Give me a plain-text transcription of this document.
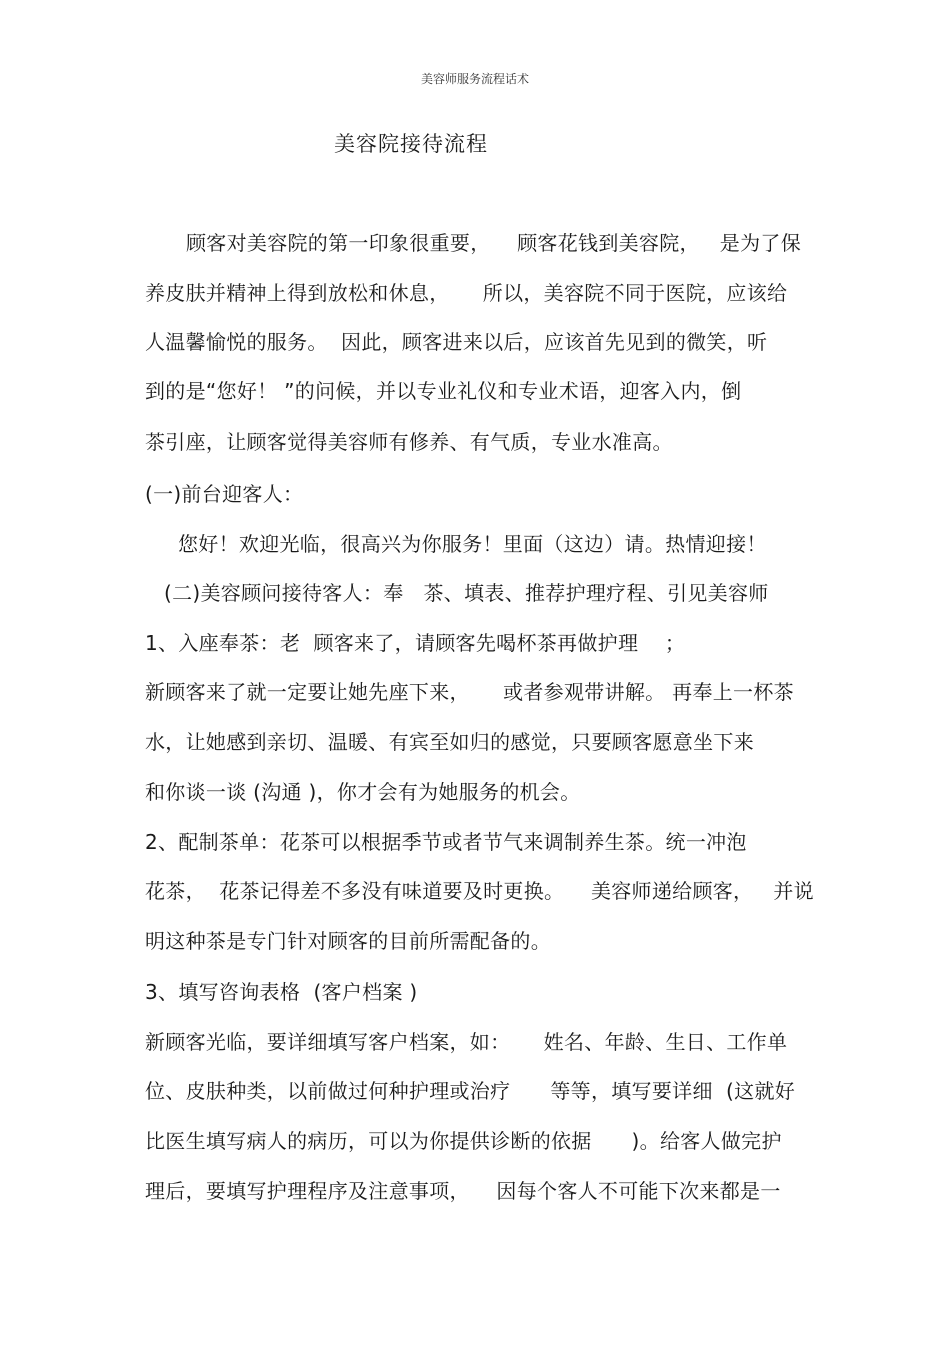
美容师服务流程话术
美容院接待流程
顾客对美容院的第一印象很重要，    顾客花钱到美容院，   是为了保
养皮肤并精神上得到放松和休息，     所以，美容院不同于医院，应该给
人温馨愉悦的服务。  因此，顾客进来以后，应该首先见到的微笑，听
到的是“您好！ ”的问候，并以专业礼仪和专业术语，迎客入内，倒
茶引座，让顾客觉得美容师有修养、有气质，专业水准高。
(一)前台迎客人：
您好！欢迎光临，很高兴为你服务！里面（这边）请。热情迎接！
(二)美容顾问接待客人：奉   茶、填表、推荐护理疗程、引见美容师
1、入座奉茶：老  顾客来了，请顾客先喝杯茶再做护理    ；
新顾客来了就一定要让她先座下来，     或者参观带讲解。 再奉上一杯茶
水，让她感到亲切、温暖、有宾至如归的感觉，只要顾客愿意坐下来
和你谈一谈 (沟通 )，你才会有为她服务的机会。
2、配制茶单：花茶可以根据季节或者节气来调制养生茶。统一冲泡
花茶，  花茶记得差不多没有味道要及时更换。    美容师递给顾客，   并说
明这种茶是专门针对顾客的目前所需配备的。
3、填写咨询表格  (客户档案 )
新顾客光临，要详细填写客户档案，如：     姓名、年龄、生日、工作单
位、皮肤种类，以前做过何种护理或治疗      等等，填写要详细  (这就好
比医生填写病人的病历，可以为你提供诊断的依据      )。给客人做完护
理后，要填写护理程序及注意事项，    因每个客人不可能下次来都是一
